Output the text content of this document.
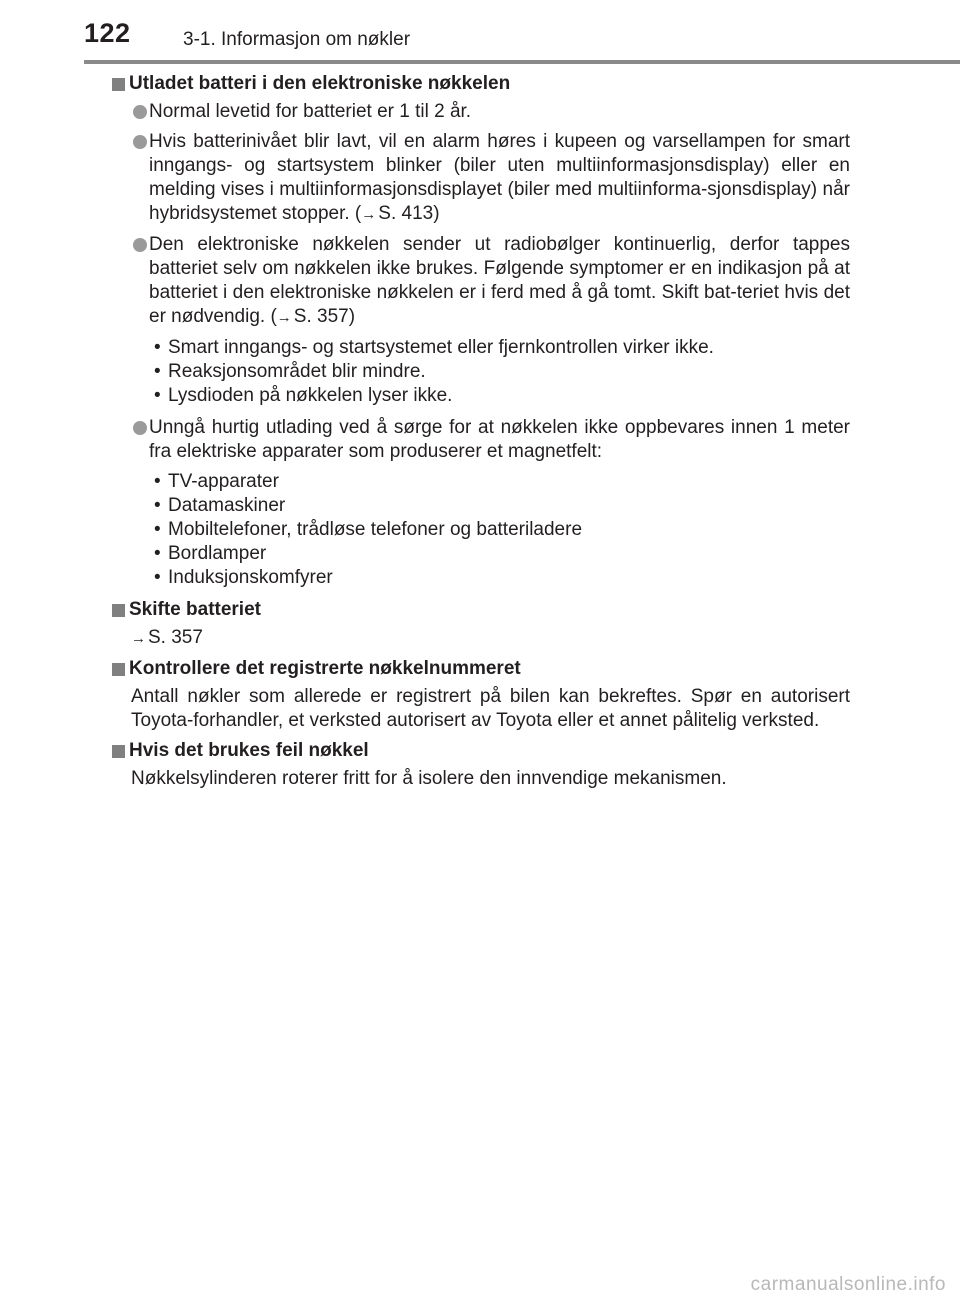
122	3-1. Informasjon om nøkler
Utladet batteri i den elektroniske nøkkelen
Normal levetid for batteriet er 1 til 2 år.
Hvis batterinivået blir lavt, vil en alarm høres i kupeen og varsellampen for smart inngangs- og startsystem blinker (biler uten multiinformasjonsdisplay) eller en melding vises i multiinformasjonsdisplayet (biler med multiinforma-sjonsdisplay) når hybridsystemet stopper. (→ S. 413)
Den elektroniske nøkkelen sender ut radiobølger kontinuerlig, derfor tappes batteriet selv om nøkkelen ikke brukes. Følgende symptomer er en indikasjon på at batteriet i den elektroniske nøkkelen er i ferd med å gå tomt. Skift bat-teriet hvis det er nødvendig. (→ S. 357)
• Smart inngangs- og startsystemet eller fjernkontrollen virker ikke.
• Reaksjonsområdet blir mindre.
• Lysdioden på nøkkelen lyser ikke.
Unngå hurtig utlading ved å sørge for at nøkkelen ikke oppbevares innen 1 meter fra elektriske apparater som produserer et magnetfelt:
• TV-apparater
• Datamaskiner
• Mobiltelefoner, trådløse telefoner og batteriladere
• Bordlamper
• Induksjonskomfyrer
Skifte batteriet
→ S. 357
Kontrollere det registrerte nøkkelnummeret
Antall nøkler som allerede er registrert på bilen kan bekreftes. Spør en autorisert Toyota-forhandler, et verksted autorisert av Toyota eller et annet pålitelig verksted.
Hvis det brukes feil nøkkel
Nøkkelsylinderen roterer fritt for å isolere den innvendige mekanismen.
carmanualsonline.info
